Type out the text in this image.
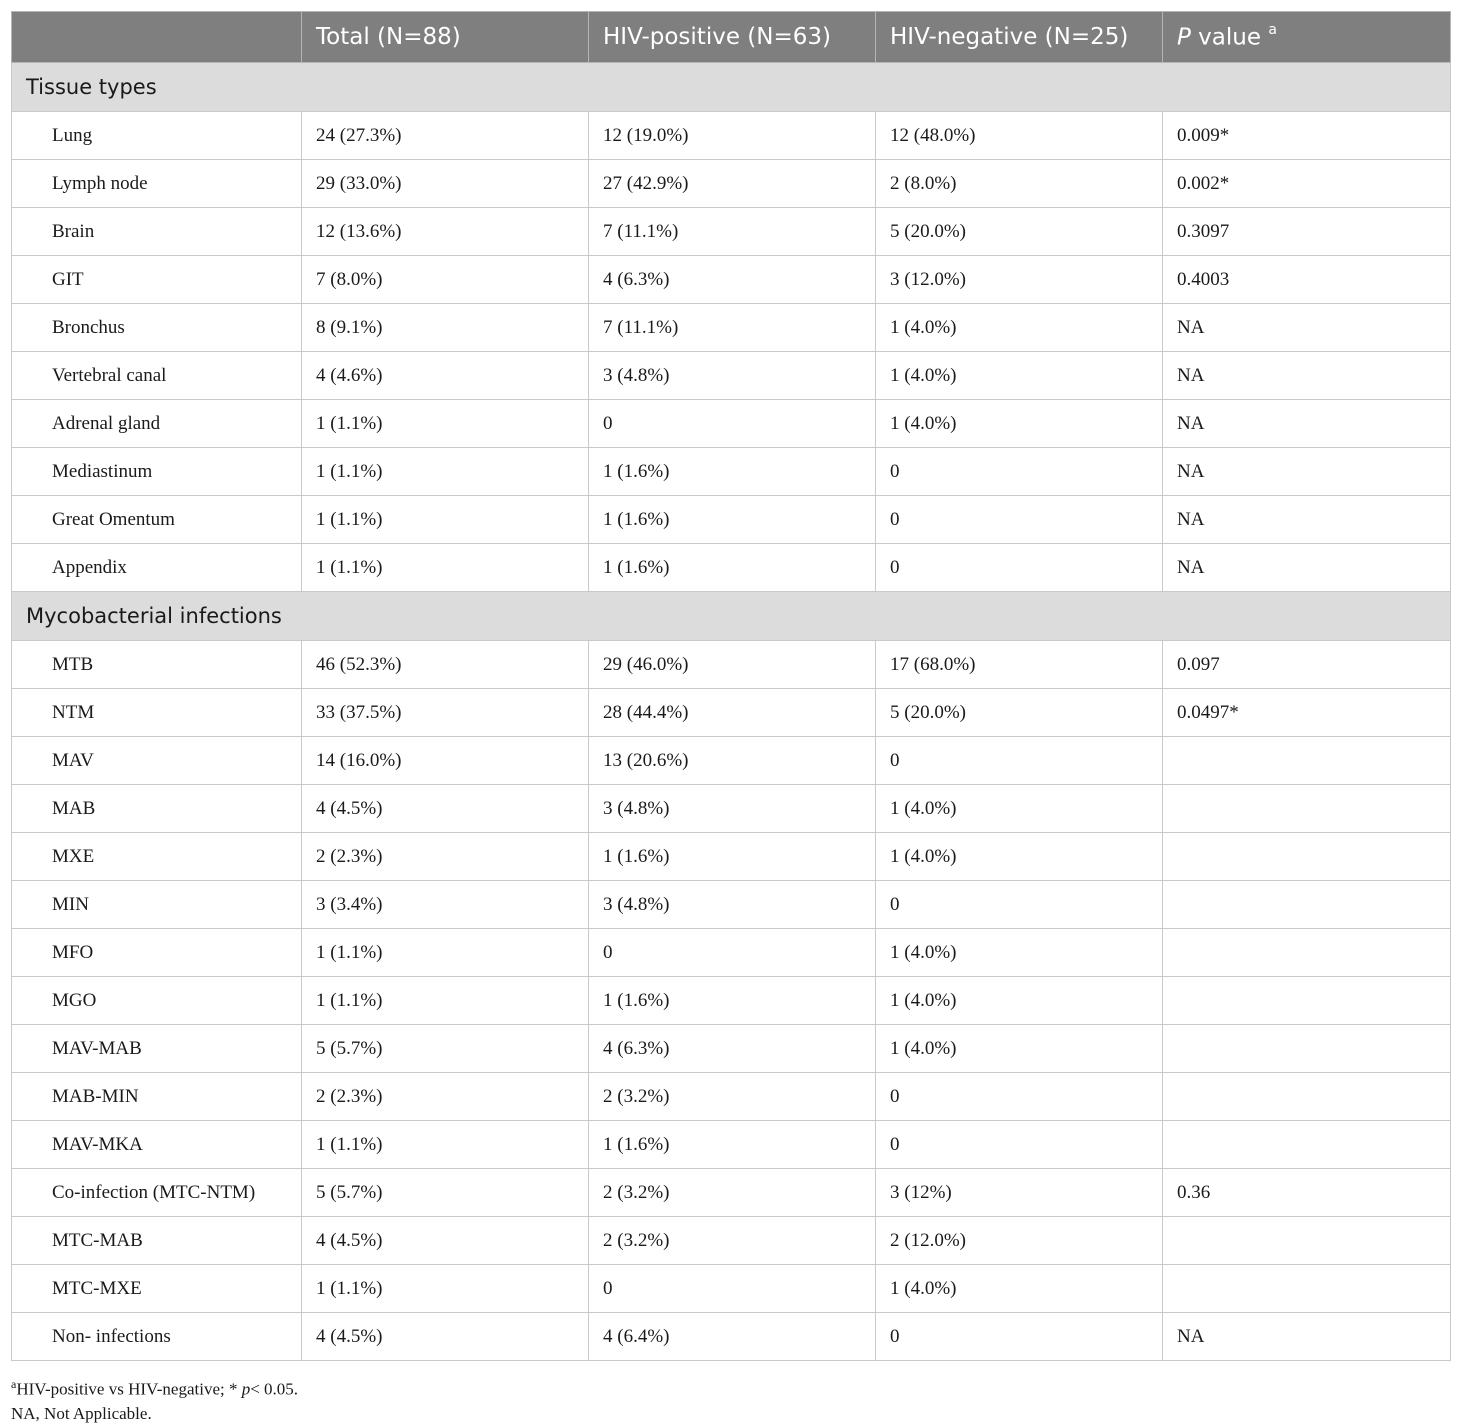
	Total (N=88)	HIV-positive (N=63)	HIV-negative (N=25)	P value $^a$
Tissue types				
Lung	24 (27.3%)	12 (19.0%)	12 (48.0%)	0.009*
Lymph node	29 (33.0%)	27 (42.9%)	2 (8.0%)	0.002*
Brain	12 (13.6%)	7 (11.1%)	5 (20.0%)	0.3097
GIT	7 (8.0%)	4 (6.3%)	3 (12.0%)	0.4003
Bronchus	8 (9.1%)	7 (11.1%)	1 (4.0%)	NA
Vertebral canal	4 (4.6%)	3 (4.8%)	1 (4.0%)	NA
Adrenal gland	1 (1.1%)	0	1 (4.0%)	NA
Mediastinum	1 (1.1%)	1 (1.6%)	0	NA
Great Omentum	1 (1.1%)	1 (1.6%)	0	NA
Appendix	1 (1.1%)	1 (1.6%)	0	NA
Mycobacterial infections				
MTB	46 (52.3%)	29 (46.0%)	17 (68.0%)	0.097
NTM	33 (37.5%)	28 (44.4%)	5 (20.0%)	0.0497*
MAV	14 (16.0%)	13 (20.6%)	0	
MAB	4 (4.5%)	3 (4.8%)	1 (4.0%)	
MXE	2 (2.3%)	1 (1.6%)	1 (4.0%)	
MIN	3 (3.4%)	3 (4.8%)	0	
MFO	1 (1.1%)	0	1 (4.0%)	
MGO	1 (1.1%)	1 (1.6%)	1 (4.0%)	
MAV-MAB	5 (5.7%)	4 (6.3%)	1 (4.0%)	
MAB-MIN	2 (2.3%)	2 (3.2%)	0	
MAV-MKA	1 (1.1%)	1 (1.6%)	0	
Co-infection (MTC-NTM)	5 (5.7%)	2 (3.2%)	3 (12%)	0.36
MTC-MAB	4 (4.5%)	2 (3.2%)	2 (12.0%)	
MTC-MXE	1 (1.1%)	0	1 (4.0%)	
Non- infections	4 (4.5%)	4 (6.4%)	0	NA
$^a$HIV-positive vs HIV-negative; * p< 0.05.
NA, Not Applicable.
